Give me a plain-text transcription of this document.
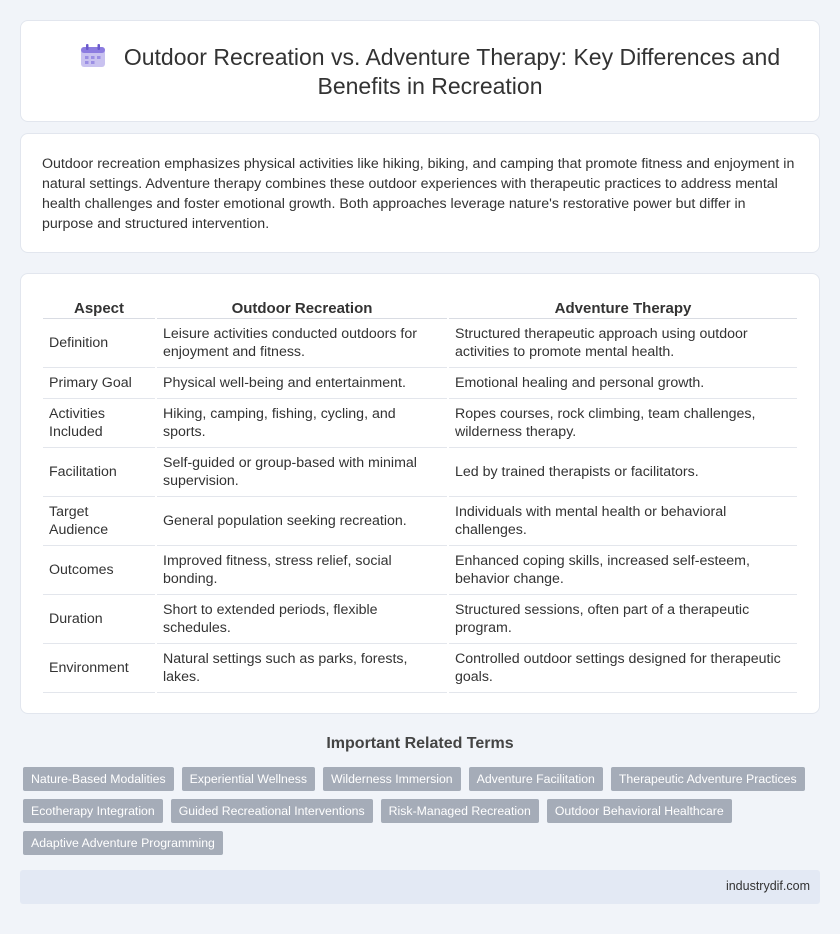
Outdoor Recreation vs. Adventure Therapy: Key Differences and Benefits in Recreation

Outdoor recreation emphasizes physical activities like hiking, biking, and camping that promote fitness and enjoyment in natural settings. Adventure therapy combines these outdoor experiences with therapeutic practices to address mental health challenges and foster emotional growth. Both approaches leverage nature's restorative power but differ in purpose and structured intervention.

Aspect	Outdoor Recreation	Adventure Therapy
Definition	Leisure activities conducted outdoors for enjoyment and fitness.	Structured therapeutic approach using outdoor activities to promote mental health.
Primary Goal	Physical well-being and entertainment.	Emotional healing and personal growth.
Activities Included	Hiking, camping, fishing, cycling, and sports.	Ropes courses, rock climbing, team challenges, wilderness therapy.
Facilitation	Self-guided or group-based with minimal supervision.	Led by trained therapists or facilitators.
Target Audience	General population seeking recreation.	Individuals with mental health or behavioral challenges.
Outcomes	Improved fitness, stress relief, social bonding.	Enhanced coping skills, increased self-esteem, behavior change.
Duration	Short to extended periods, flexible schedules.	Structured sessions, often part of a therapeutic program.
Environment	Natural settings such as parks, forests, lakes.	Controlled outdoor settings designed for therapeutic goals.
Important Related Terms
Nature-Based Modalities	Experiential Wellness	Wilderness Immersion	Adventure Facilitation	Therapeutic Adventure Practices
Ecotherapy Integration	Guided Recreational Interventions	Risk-Managed Recreation	Outdoor Behavioral Healthcare
Adaptive Adventure Programming
industrydif.com
